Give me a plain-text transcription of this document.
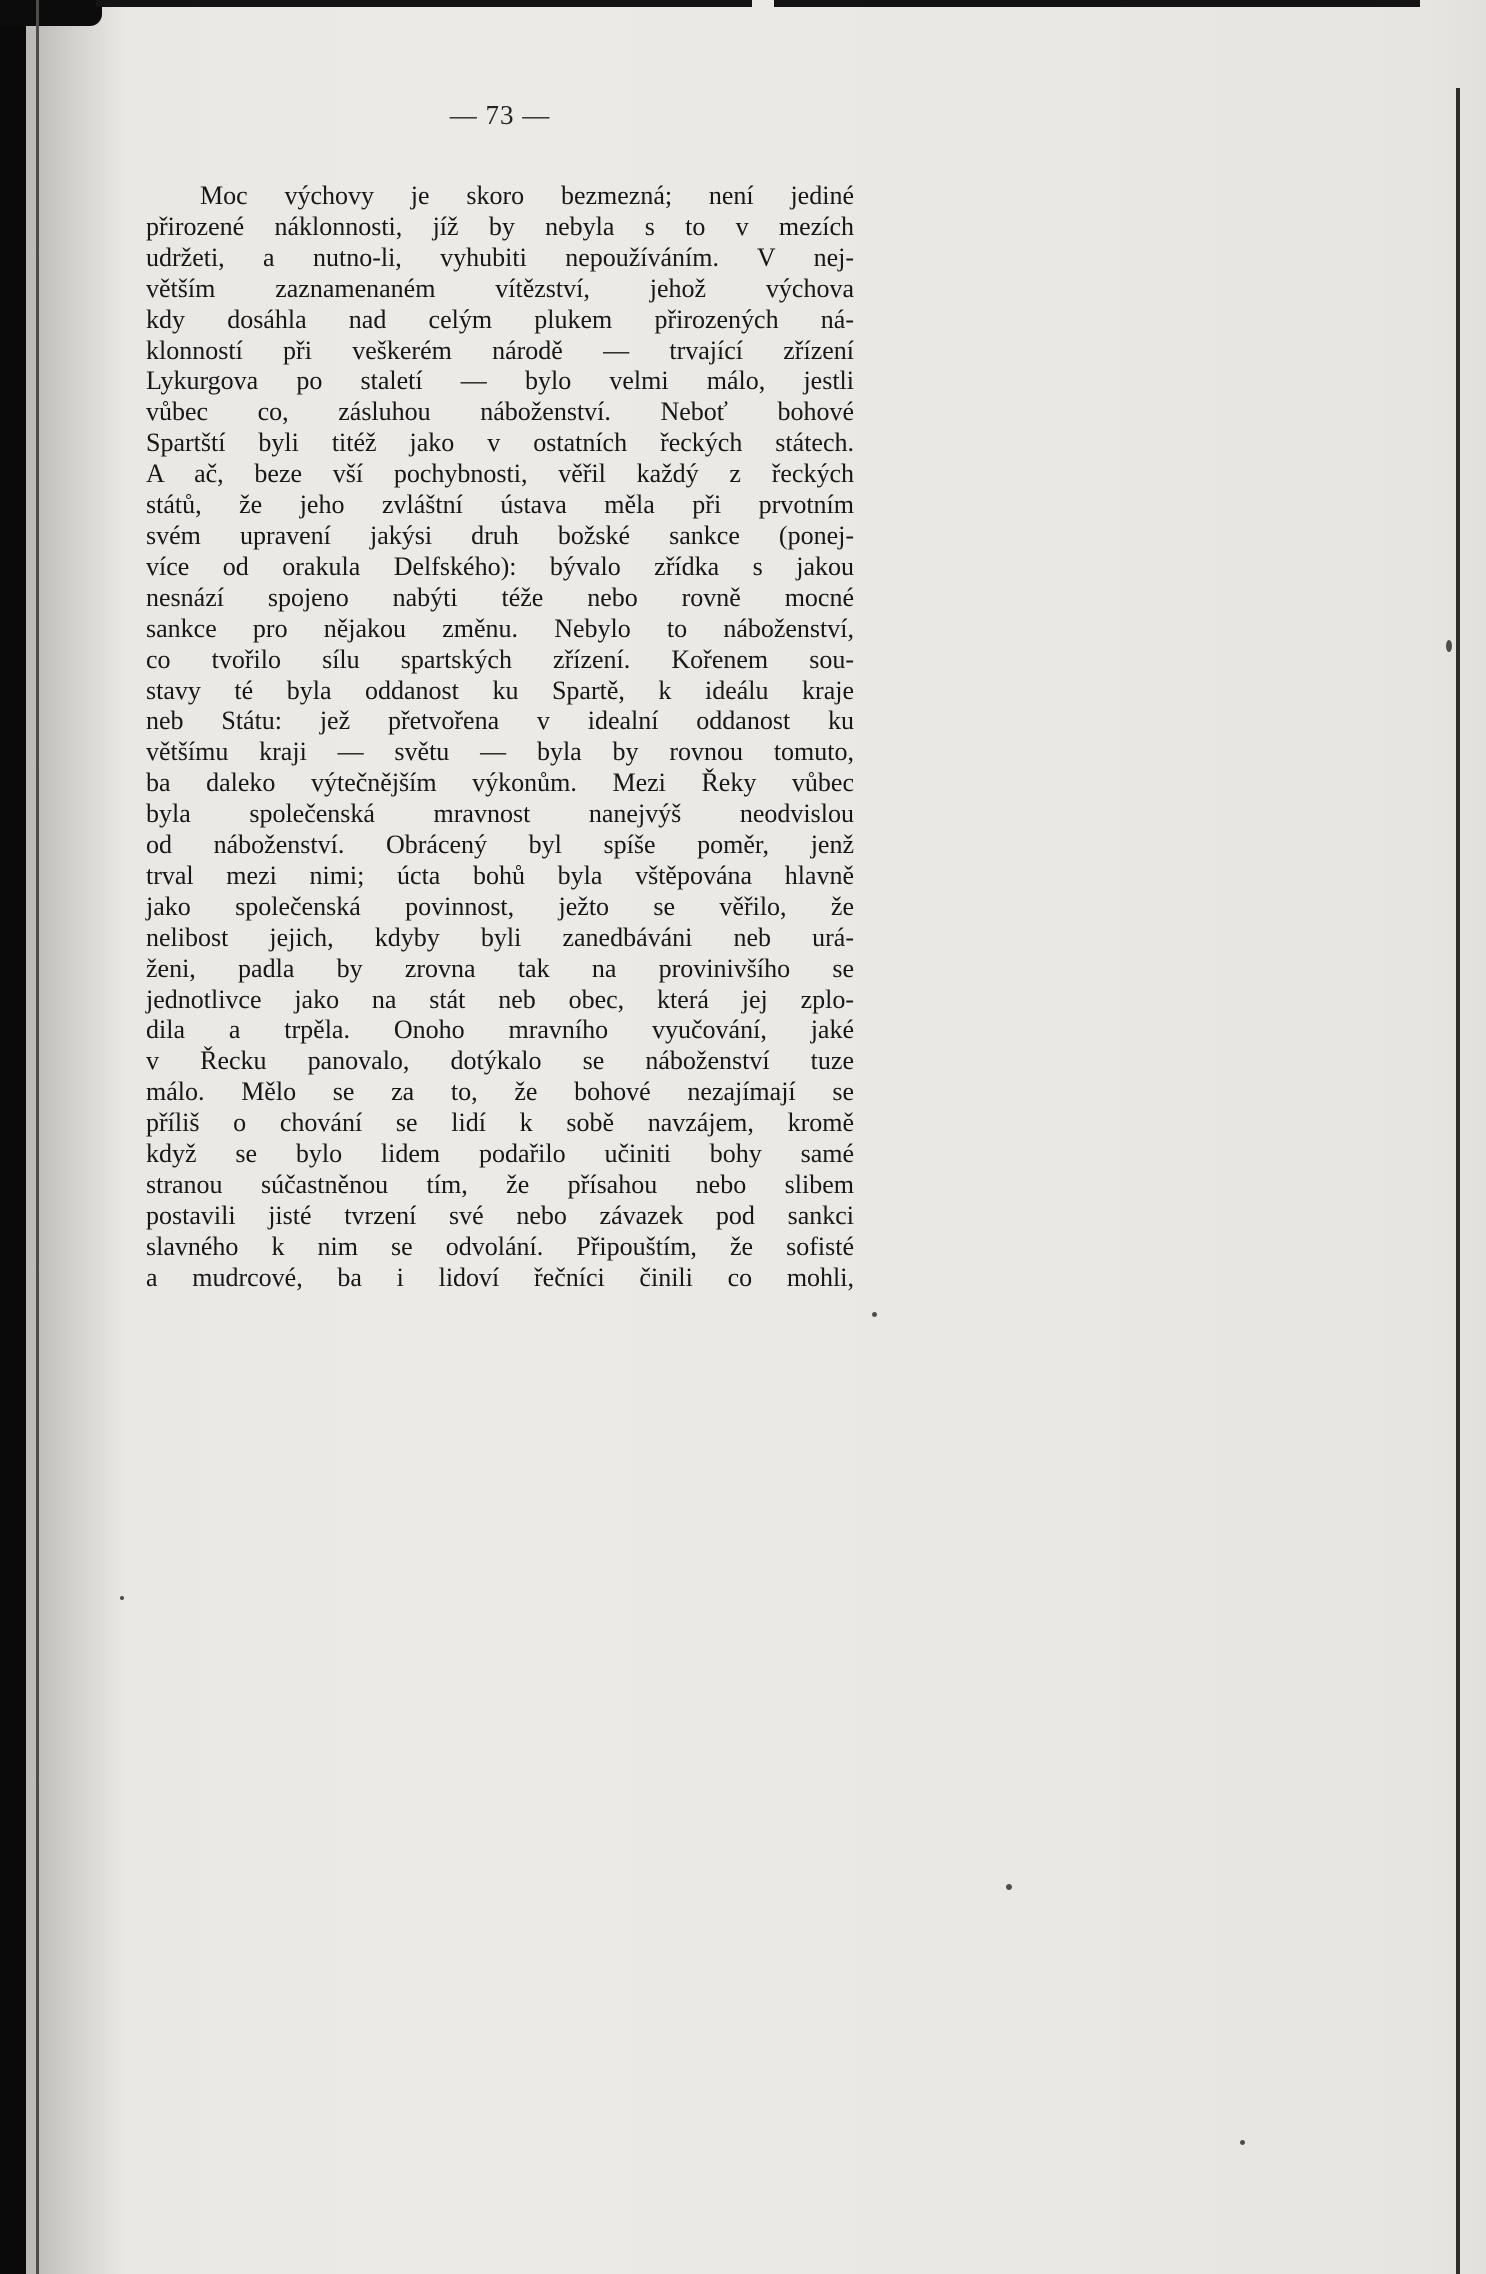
— 73 —
Moc výchovy je skoro bezmezná; není jediné
přirozené náklonnosti, jíž by nebyla s to v mezích
udržeti, a nutno-li, vyhubiti nepoužíváním. V nej-
větším zaznamenaném vítězství, jehož výchova
kdy dosáhla nad celým plukem přirozených ná-
klonností při veškerém národě — trvající zřízení
Lykurgova po staletí — bylo velmi málo, jestli
vůbec co, zásluhou náboženství. Neboť bohové
Spartští byli titéž jako v ostatních řeckých státech.
A ač, beze vší pochybnosti, věřil každý z řeckých
států, že jeho zvláštní ústava měla při prvotním
svém upravení jakýsi druh božské sankce (ponej-
více od orakula Delfského): bývalo zřídka s jakou
nesnází spojeno nabýti téže nebo rovně mocné
sankce pro nějakou změnu. Nebylo to náboženství,
co tvořilo sílu spartských zřízení. Kořenem sou-
stavy té byla oddanost ku Spartě, k ideálu kraje
neb Státu: jež přetvořena v idealní oddanost ku
většímu kraji — světu — byla by rovnou tomuto,
ba daleko výtečnějším výkonům. Mezi Řeky vůbec
byla společenská mravnost nanejvýš neodvislou
od náboženství. Obrácený byl spíše poměr, jenž
trval mezi nimi; úcta bohů byla vštěpována hlavně
jako společenská povinnost, ježto se věřilo, že
nelibost jejich, kdyby byli zanedbáváni neb urá-
ženi, padla by zrovna tak na provinivšího se
jednotlivce jako na stát neb obec, která jej zplo-
dila a trpěla. Onoho mravního vyučování, jaké
v Řecku panovalo, dotýkalo se náboženství tuze
málo. Mělo se za to, že bohové nezajímají se
příliš o chování se lidí k sobě navzájem, kromě
když se bylo lidem podařilo učiniti bohy samé
stranou súčastněnou tím, že přísahou nebo slibem
postavili jisté tvrzení své nebo závazek pod sankci
slavného k nim se odvolání. Připouštím, že sofisté
a mudrcové, ba i lidoví řečníci činili co mohli,
